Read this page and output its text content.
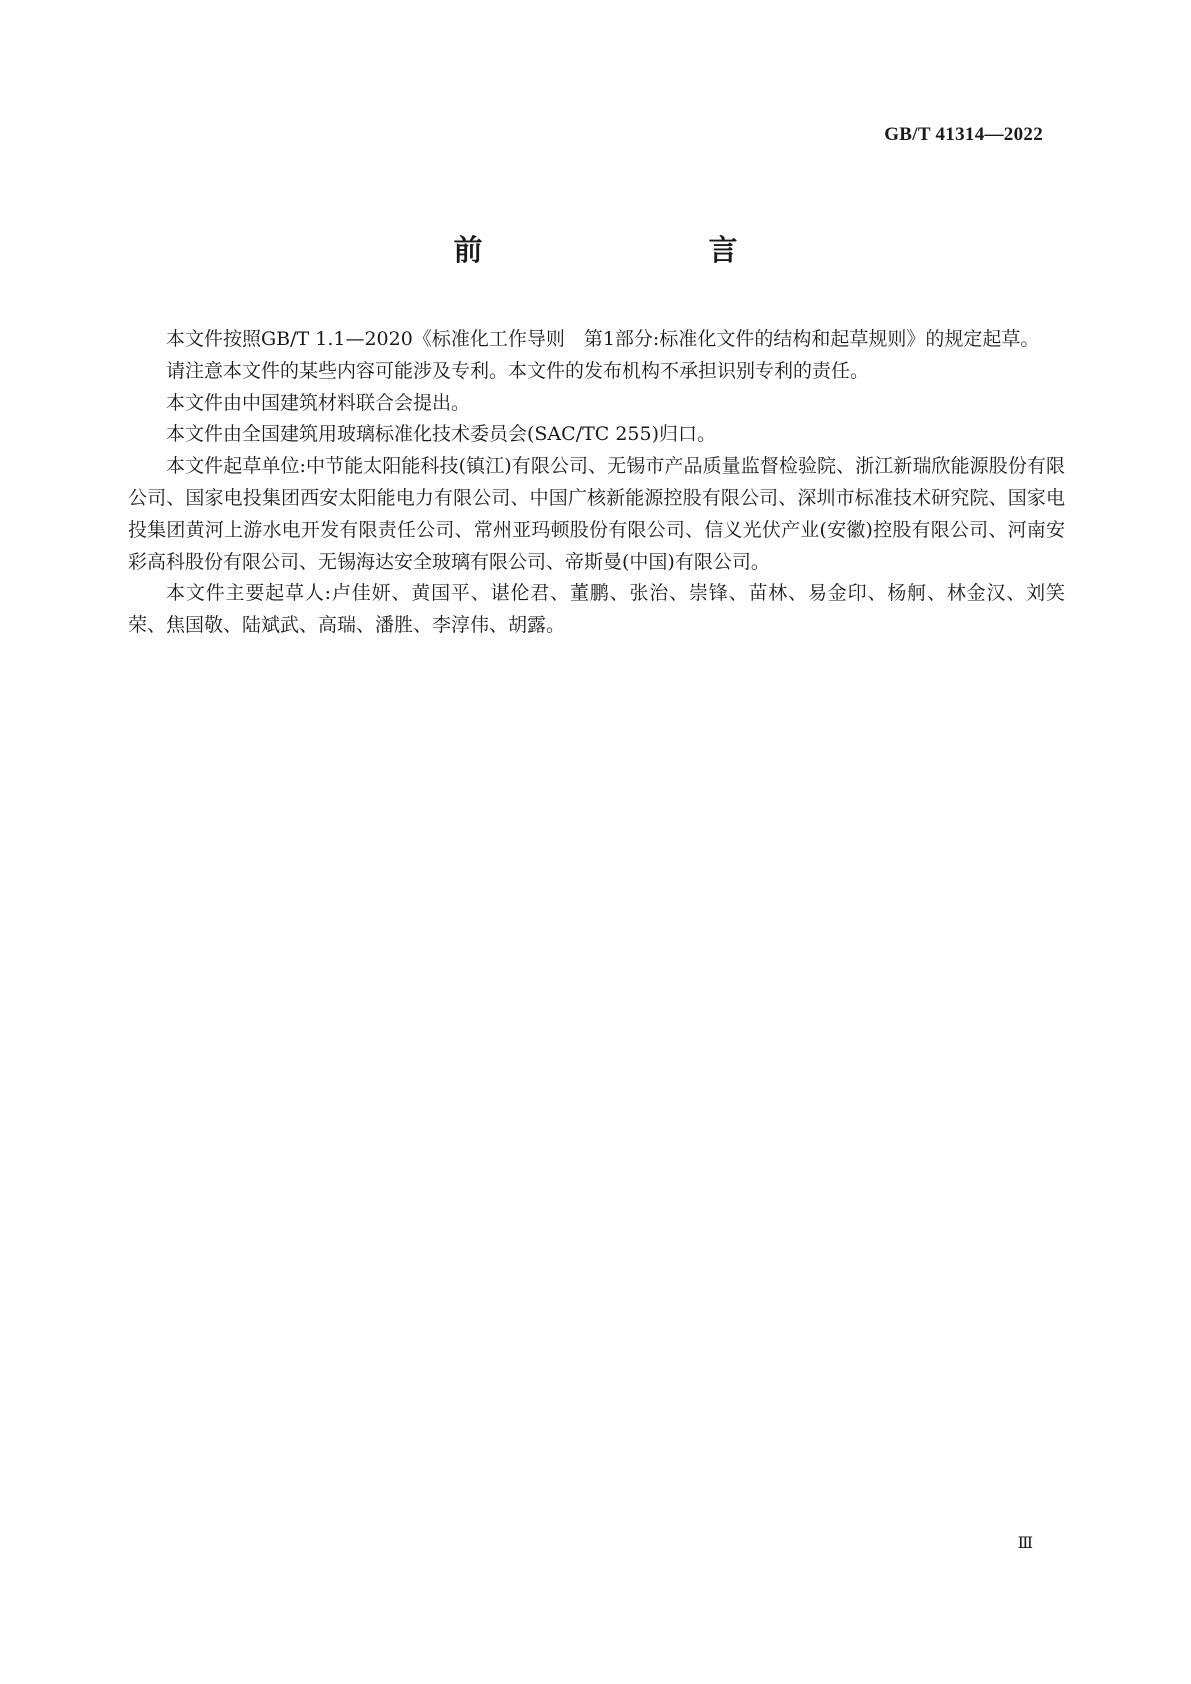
GB/T 41314—2022
前　　言

本文件按照GB/T 1.1—2020《标准化工作导则　第1部分:标准化文件的结构和起草规则》的规定起草。

请注意本文件的某些内容可能涉及专利。本文件的发布机构不承担识别专利的责任。

本文件由中国建筑材料联合会提出。

本文件由全国建筑用玻璃标准化技术委员会(SAC/TC 255)归口。

本文件起草单位:中节能太阳能科技(镇江)有限公司、无锡市产品质量监督检验院、浙江新瑞欣能源股份有限公司、国家电投集团西安太阳能电力有限公司、中国广核新能源控股有限公司、深圳市标准技术研究院、国家电投集团黄河上游水电开发有限责任公司、常州亚玛顿股份有限公司、信义光伏产业(安徽)控股有限公司、河南安彩高科股份有限公司、无锡海达安全玻璃有限公司、帝斯曼(中国)有限公司。

本文件主要起草人:卢佳妍、黄国平、谌伦君、董鹏、张治、崇锋、苗林、易金印、杨舸、林金汉、刘笑荣、焦国敬、陆斌武、高瑞、潘胜、李淳伟、胡露。

Ⅲ
